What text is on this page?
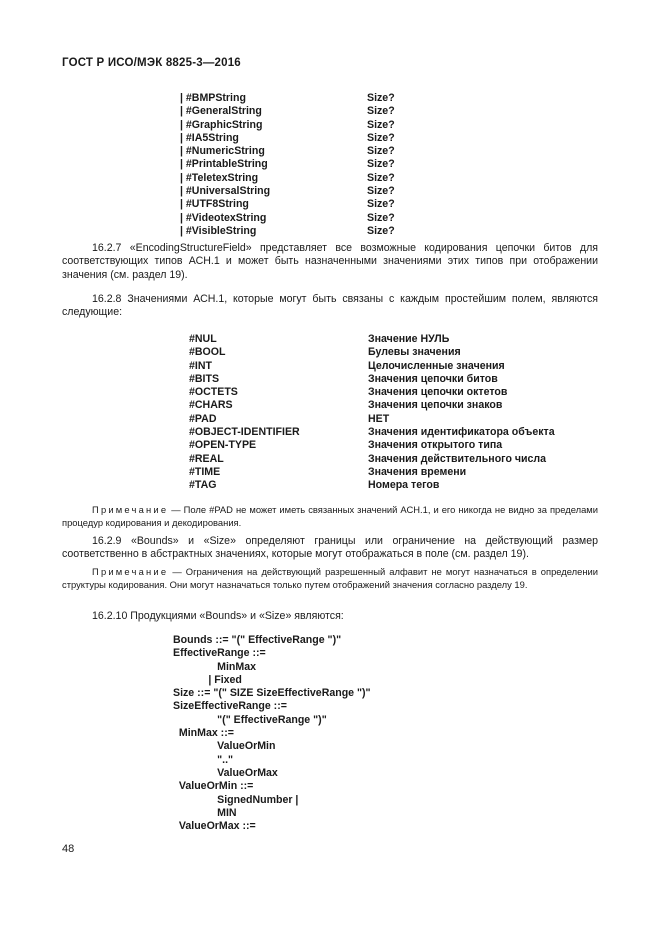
ГОСТ Р ИСО/МЭК 8825-3—2016
| #BMPString	Size?
| #GeneralString	Size?
| #GraphicString	Size?
| #IA5String	Size?
| #NumericString	Size?
| #PrintableString	Size?
| #TeletexString	Size?
| #UniversalString	Size?
| #UTF8String	Size?
| #VideotexString	Size?
| #VisibleString	Size?
16.2.7 «EncodingStructureField» представляет все возможные кодирования цепочки битов для соответствующих типов АСН.1 и может быть назначенными значениями этих типов при отображении значения (см. раздел 19).
16.2.8 Значениями АСН.1, которые могут быть связаны с каждым простейшим полем, являются следующие:
#NUL	Значение НУЛЬ
#BOOL	Булевы значения
#INT	Целочисленные значения
#BITS	Значения цепочки битов
#OCTETS	Значения цепочки октетов
#CHARS	Значения цепочки знаков
#PAD	НЕТ
#OBJECT-IDENTIFIER	Значения идентификатора объекта
#OPEN-TYPE	Значения открытого типа
#REAL	Значения действительного числа
#TIME	Значения времени
#TAG	Номера тегов
Примечание — Поле #PAD не может иметь связанных значений АСН.1, и его никогда не видно за пределами процедур кодирования и декодирования.
16.2.9 «Bounds» и «Size» определяют границы или ограничение на действующий размер соответственно в абстрактных значениях, которые могут отображаться в поле (см. раздел 19).
Примечание — Ограничения на действующий разрешенный алфавит не могут назначаться в определении структуры кодирования. Они могут назначаться только путем отображений значения согласно разделу 19.
16.2.10 Продукциями «Bounds» и «Size» являются:
Bounds ::= "(" EffectiveRange ")"
EffectiveRange ::=
MinMax
| Fixed
Size ::= "(" SIZE SizeEffectiveRange ")"
SizeEffectiveRange ::=
"(" EffectiveRange ")"
MinMax ::=
ValueOrMin
".."
ValueOrMax
ValueOrMin ::=
SignedNumber |
MIN
ValueOrMax ::=
48
